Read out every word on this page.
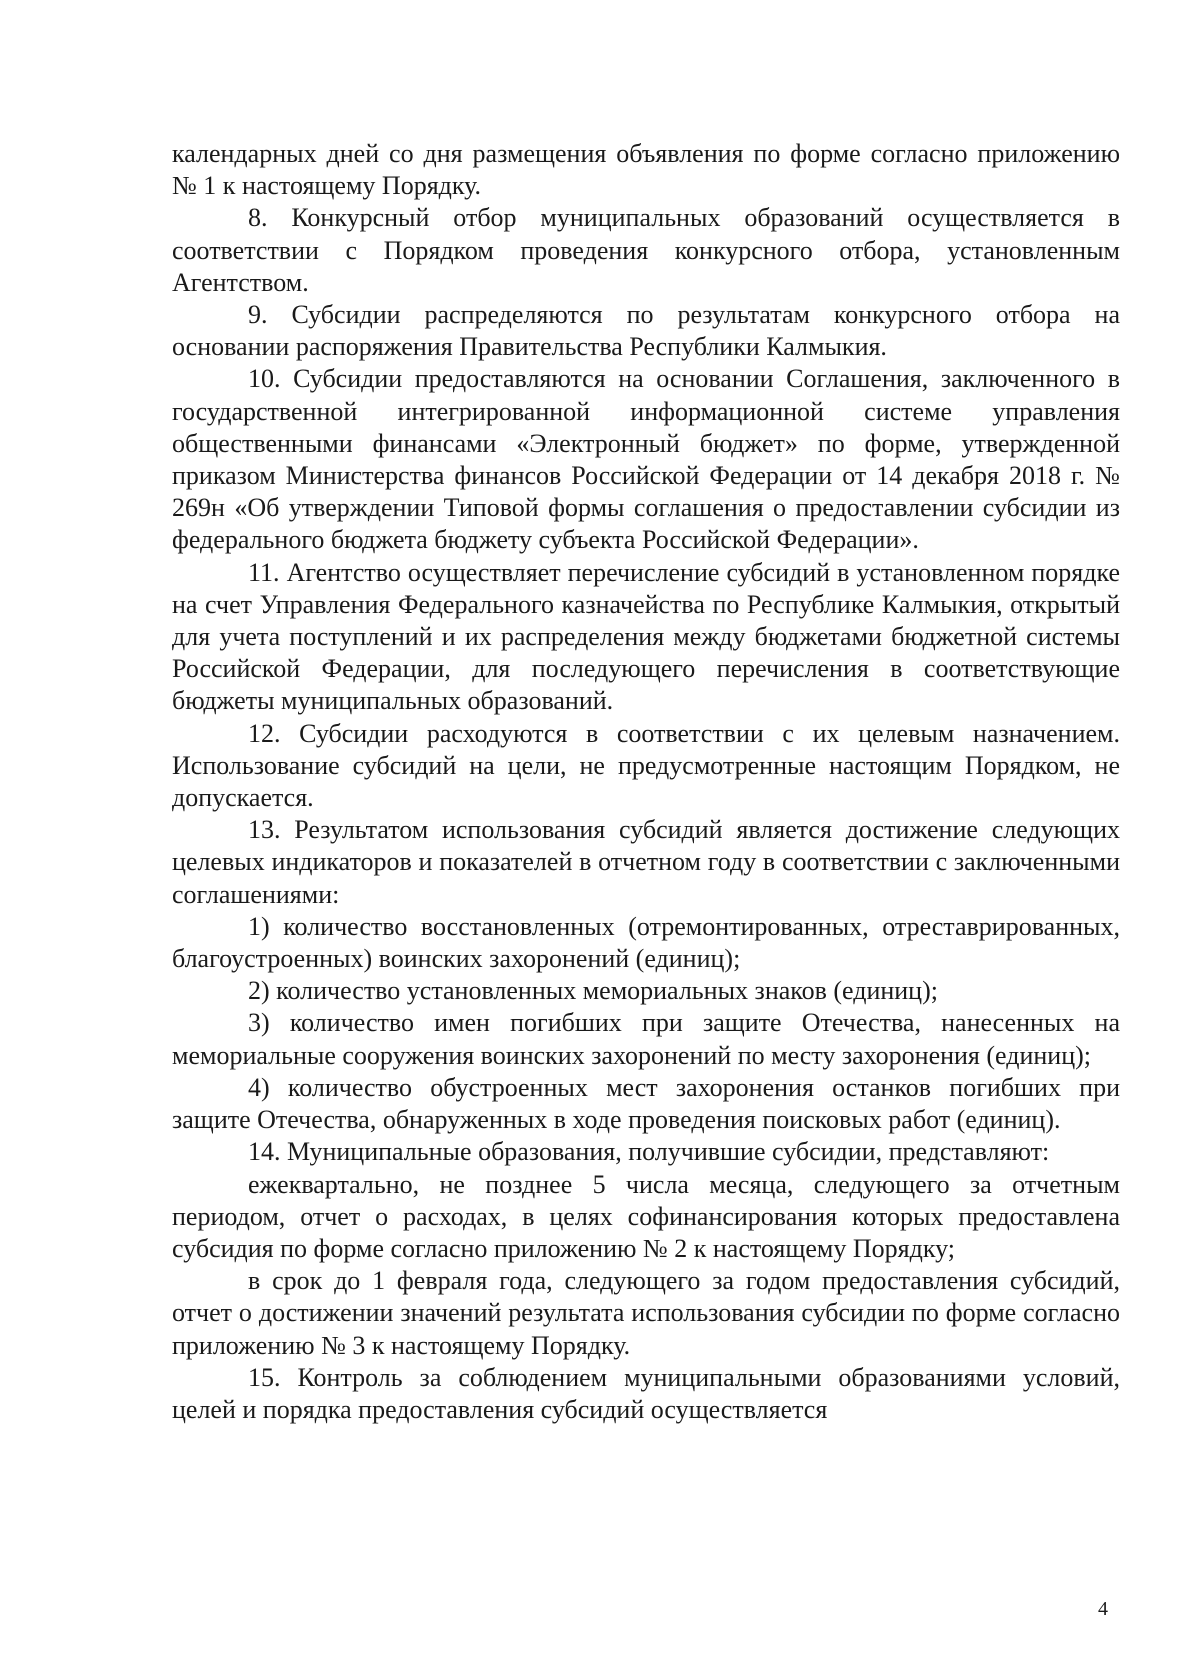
календарных дней со дня размещения объявления по форме согласно приложению № 1 к настоящему Порядку.

8. Конкурсный отбор муниципальных образований осуществляется в соответствии с Порядком проведения конкурсного отбора, установленным Агентством.

9. Субсидии распределяются по результатам конкурсного отбора на основании распоряжения Правительства Республики Калмыкия.

10. Субсидии предоставляются на основании Соглашения, заключенного в государственной интегрированной информационной системе управления общественными финансами «Электронный бюджет» по форме, утвержденной приказом Министерства финансов Российской Федерации от 14 декабря 2018 г. № 269н «Об утверждении Типовой формы соглашения о предоставлении субсидии из федерального бюджета бюджету субъекта Российской Федерации».

11. Агентство осуществляет перечисление субсидий в установленном порядке на счет Управления Федерального казначейства по Республике Калмыкия, открытый для учета поступлений и их распределения между бюджетами бюджетной системы Российской Федерации, для последующего перечисления в соответствующие бюджеты муниципальных образований.

12. Субсидии расходуются в соответствии с их целевым назначением. Использование субсидий на цели, не предусмотренные настоящим Порядком, не допускается.

13. Результатом использования субсидий является достижение следующих целевых индикаторов и показателей в отчетном году в соответствии с заключенными соглашениями:

1) количество восстановленных (отремонтированных, отреставрированных, благоустроенных) воинских захоронений (единиц);

2) количество установленных мемориальных знаков (единиц);

3) количество имен погибших при защите Отечества, нанесенных на мемориальные сооружения воинских захоронений по месту захоронения (единиц);

4) количество обустроенных мест захоронения останков погибших при защите Отечества, обнаруженных в ходе проведения поисковых работ (единиц).

14. Муниципальные образования, получившие субсидии, представляют:

ежеквартально, не позднее 5 числа месяца, следующего за отчетным периодом, отчет о расходах, в целях софинансирования которых предоставлена субсидия по форме согласно приложению № 2 к настоящему Порядку;

в срок до 1 февраля года, следующего за годом предоставления субсидий, отчет о достижении значений результата использования субсидии по форме согласно приложению № 3 к настоящему Порядку.

15. Контроль за соблюдением муниципальными образованиями условий, целей и порядка предоставления субсидий осуществляется

4
